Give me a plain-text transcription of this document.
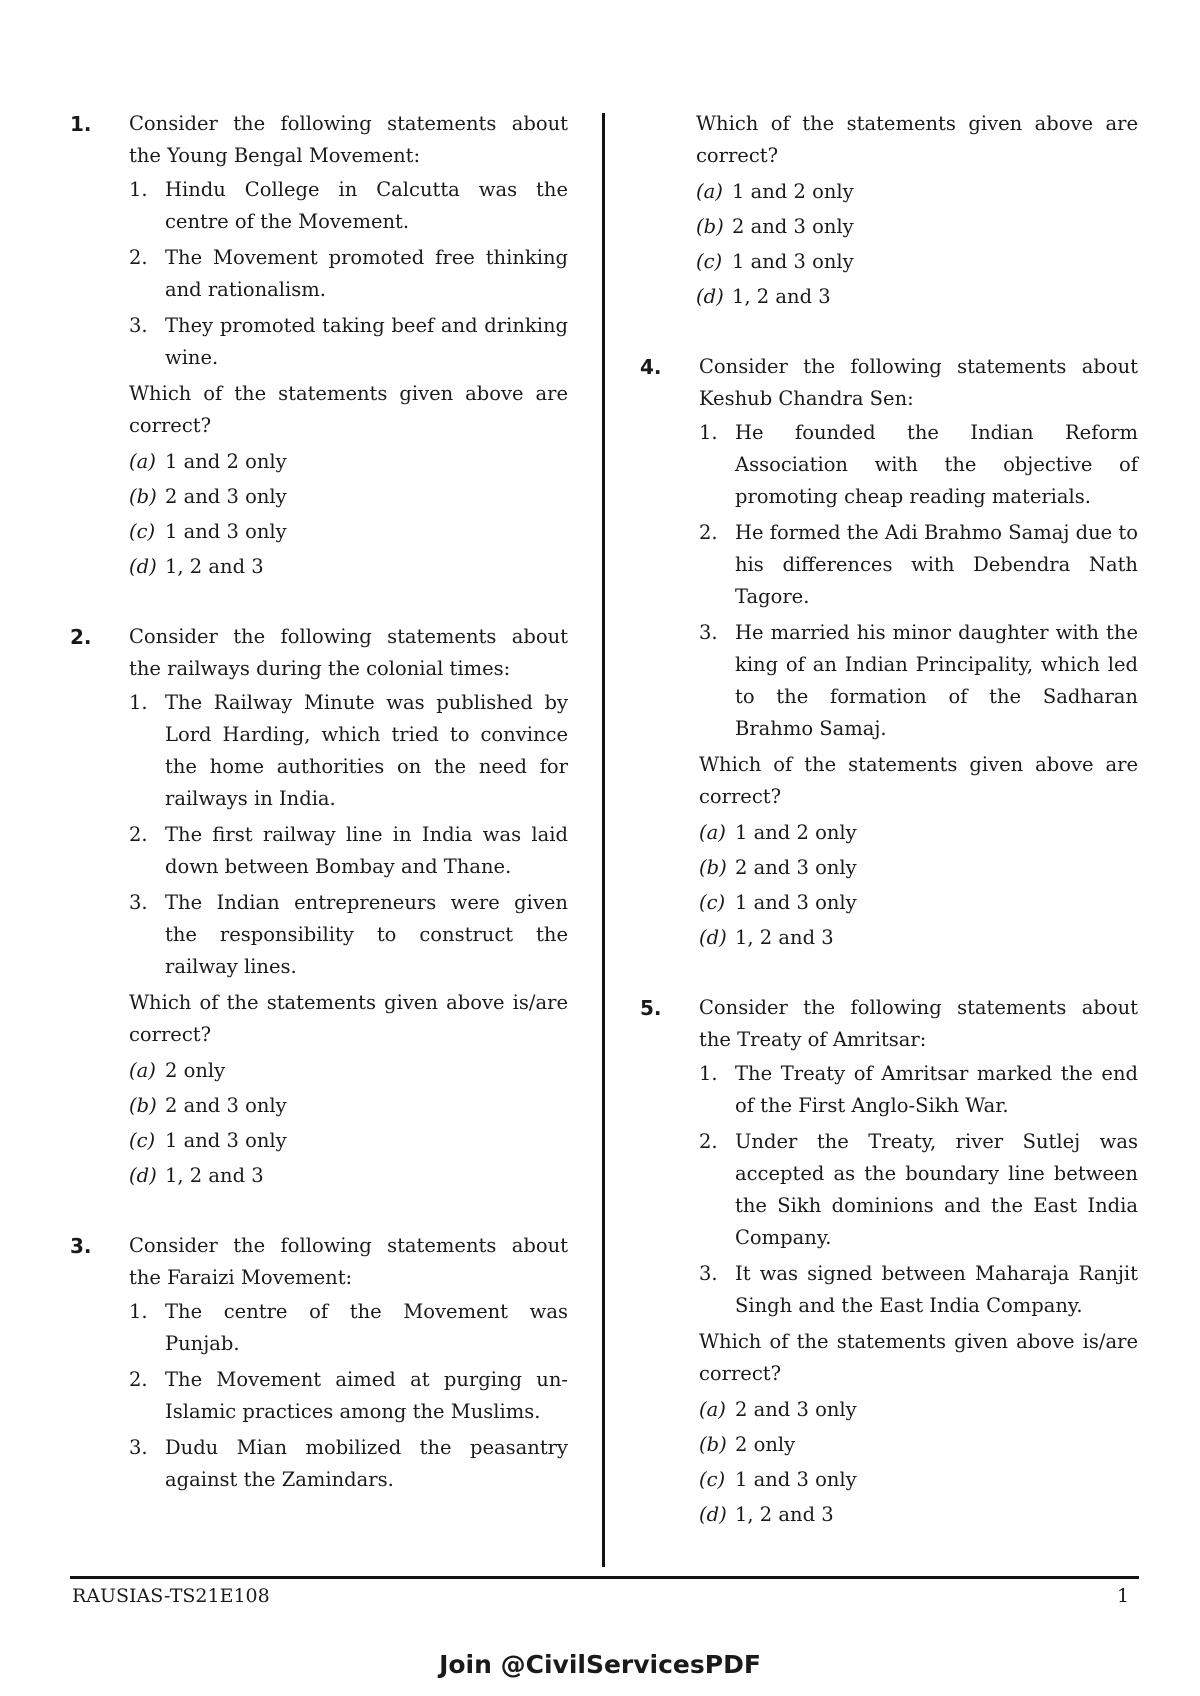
1. Consider the following statements about the Young Bengal Movement:
1. Hindu College in Calcutta was the centre of the Movement.
2. The Movement promoted free thinking and rationalism.
3. They promoted taking beef and drinking wine.
Which of the statements given above are correct?
(a) 1 and 2 only
(b) 2 and 3 only
(c) 1 and 3 only
(d) 1, 2 and 3
2. Consider the following statements about the railways during the colonial times:
1. The Railway Minute was published by Lord Harding, which tried to convince the home authorities on the need for railways in India.
2. The first railway line in India was laid down between Bombay and Thane.
3. The Indian entrepreneurs were given the responsibility to construct the railway lines.
Which of the statements given above is/are correct?
(a) 2 only
(b) 2 and 3 only
(c) 1 and 3 only
(d) 1, 2 and 3
3. Consider the following statements about the Faraizi Movement:
1. The centre of the Movement was Punjab.
2. The Movement aimed at purging un-Islamic practices among the Muslims.
3. Dudu Mian mobilized the peasantry against the Zamindars.
Which of the statements given above are correct?
(a) 1 and 2 only
(b) 2 and 3 only
(c) 1 and 3 only
(d) 1, 2 and 3
4. Consider the following statements about Keshub Chandra Sen:
1. He founded the Indian Reform Association with the objective of promoting cheap reading materials.
2. He formed the Adi Brahmo Samaj due to his differences with Debendra Nath Tagore.
3. He married his minor daughter with the king of an Indian Principality, which led to the formation of the Sadharan Brahmo Samaj.
Which of the statements given above are correct?
(a) 1 and 2 only
(b) 2 and 3 only
(c) 1 and 3 only
(d) 1, 2 and 3
5. Consider the following statements about the Treaty of Amritsar:
1. The Treaty of Amritsar marked the end of the First Anglo-Sikh War.
2. Under the Treaty, river Sutlej was accepted as the boundary line between the Sikh dominions and the East India Company.
3. It was signed between Maharaja Ranjit Singh and the East India Company.
Which of the statements given above is/are correct?
(a) 2 and 3 only
(b) 2 only
(c) 1 and 3 only
(d) 1, 2 and 3
RAUSIAS-TS21E108	1
Join @CivilServicesPDF
